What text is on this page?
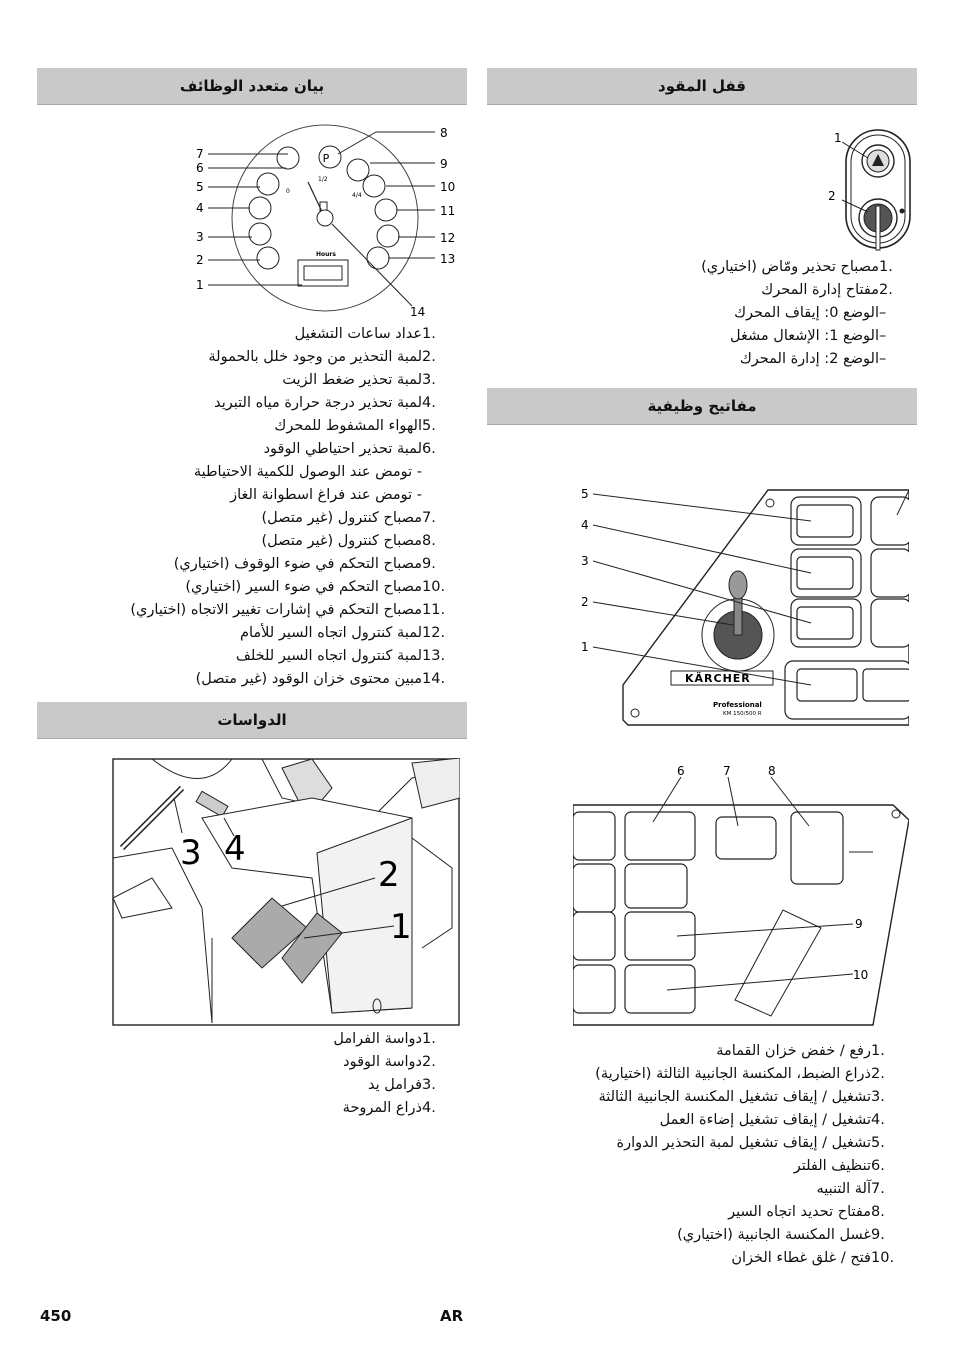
قفل المقود
بيان متعدد الوظائف
مفاتيح وظيفية
الدواسات
1
2
1.
مصباح تحذير ومّاض (اختياري)
2.
مفتاح إدارة المحرك
–
الوضع 0: إيقاف المحرك
–
الوضع 1: الإشعال مشغل
–
الوضع 2: إدارة المحرك
P
1/2
0
4/4
Hours
7
6
5
4
3
2
1
8
9
10
11
12
13
14
1.
عداد ساعات التشغيل
2.
لمبة التحذير من وجود خلل بالحمولة
3.
لمبة تحذير ضغط الزيت
4.
لمبة تحذير درجة حرارة مياه التبريد
5.
الهواء المشفوط للمحرك
6.
لمبة تحذير احتياطي الوقود
- تومض عند الوصول للكمية الاحتياطية
- تومض عند فراغ اسطوانة الغاز
7.
مصباح كنترول (غير متصل)
8.
مصباح كنترول (غير متصل)
9.
مصباح التحكم في ضوء الوقوف (اختياري)
10.
مصباح التحكم في ضوء السير (اختياري)
11.
مصباح التحكم في إشارات تغيير الاتجاه (اختياري)
12.
لمبة كنترول اتجاه السير للأمام
13.
لمبة كنترول اتجاه السير للخلف
14.
مبين محتوى خزان الوقود (غير متصل)	KÄRCHER
Professional
KM 150/500 R
5
4
3
2
1
6	7	8
9
10
1.
رفع / خفض خزان القمامة
2.
ذراع الضبط، المكنسة الجانبية الثالثة (اختيارية)
3.
تشغيل / إيقاف تشغيل المكنسة الجانبية الثالثة
4.
تشغيل / إيقاف تشغيل إضاءة العمل
5.
تشغيل / إيقاف تشغيل لمبة التحذير الدوارة
6.
تنظيف الفلتر
7.
آلة التنبيه
8.
مفتاح تحديد اتجاه السير
9.
غسل المكنسة الجانبية (اختياري)
10.
فتح / غلق غطاء الخزان
3 4
2
1
1.
دواسة الفرامل
2.
دواسة الوقود
3.
فرامل يد
4.
ذراع المروحة
450	AR
